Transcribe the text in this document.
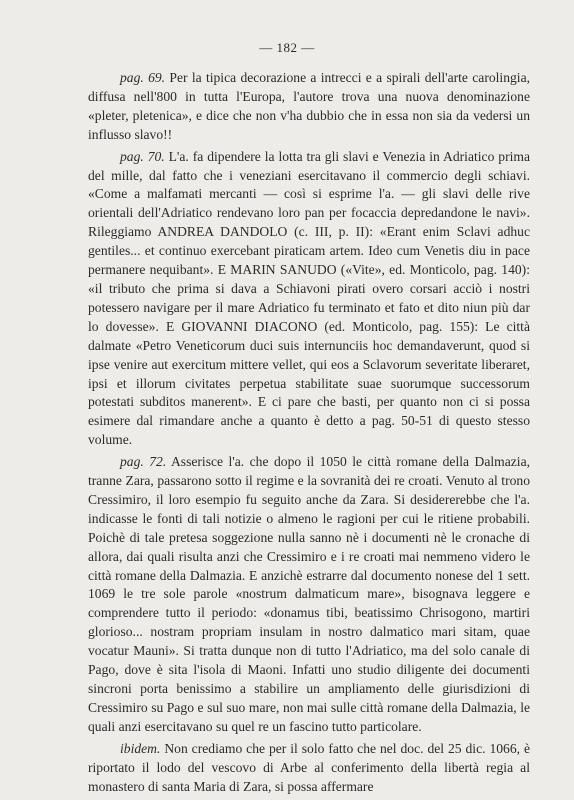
— 182 —

pag. 69. Per la tipica decorazione a intrecci e a spirali dell'arte carolingia, diffusa nell'800 in tutta l'Europa, l'autore trova una nuova denominazione «pleter, pletenica», e dice che non v'ha dubbio che in essa non sia da vedersi un influsso slavo!!

pag. 70. L'a. fa dipendere la lotta tra gli slavi e Venezia in Adriatico prima del mille, dal fatto che i veneziani esercitavano il commercio degli schiavi. «Come a malfamati mercanti — così si esprime l'a. — gli slavi delle rive orientali dell'Adriatico rendevano loro pan per focaccia depredandone le navi». Rileggiamo ANDREA DANDOLO (c. III, p. II): «Erant enim Sclavi adhuc gentiles... et continuo exercebant piraticam artem. Ideo cum Venetis diu in pace permanere nequibant». E MARIN SANUDO («Vite», ed. Monticolo, pag. 140): «il tributo che prima si dava a Schiavoni pirati overo corsari acciò i nostri potessero navigare per il mare Adriatico fu terminato et fato et dito niun più dar lo dovesse». E GIOVANNI DIACONO (ed. Monticolo, pag. 155): Le città dalmate «Petro Veneticorum duci suis internunciis hoc demandaverunt, quod si ipse venire aut exercitum mittere vellet, qui eos a Sclavorum severitate liberaret, ipsi et illorum civitates perpetua stabilitate suae suorumque successorum potestati subditos manerent». E ci pare che basti, per quanto non ci si possa esimere dal rimandare anche a quanto è detto a pag. 50-51 di questo stesso volume.

pag. 72. Asserisce l'a. che dopo il 1050 le città romane della Dalmazia, tranne Zara, passarono sotto il regime e la sovranità dei re croati. Venuto al trono Cressimiro, il loro esempio fu seguito anche da Zara. Si desidererebbe che l'a. indicasse le fonti di tali notizie o almeno le ragioni per cui le ritiene probabili. Poichè di tale pretesa soggezione nulla sanno nè i documenti nè le cronache di allora, dai quali risulta anzi che Cressimiro e i re croati mai nemmeno videro le città romane della Dalmazia. E anzichè estrarre dal documento nonese del 1 sett. 1069 le tre sole parole «nostrum dalmaticum mare», bisognava leggere e comprendere tutto il periodo: «donamus tibi, beatissimo Chrisogono, martiri glorioso... nostram propriam insulam in nostro dalmatico mari sitam, quae vocatur Mauni». Si tratta dunque non di tutto l'Adriatico, ma del solo canale di Pago, dove è sita l'isola di Maoni. Infatti uno studio diligente dei documenti sincroni porta benissimo a stabilire un ampliamento delle giurisdizioni di Cressimiro su Pago e sul suo mare, non mai sulle città romane della Dalmazia, le quali anzi esercitavano su quel re un fascino tutto particolare.

ibidem. Non crediamo che per il solo fatto che nel doc. del 25 dic. 1066, è riportato il lodo del vescovo di Arbe al conferimento della libertà regia al monastero di santa Maria di Zara, si possa affermare
